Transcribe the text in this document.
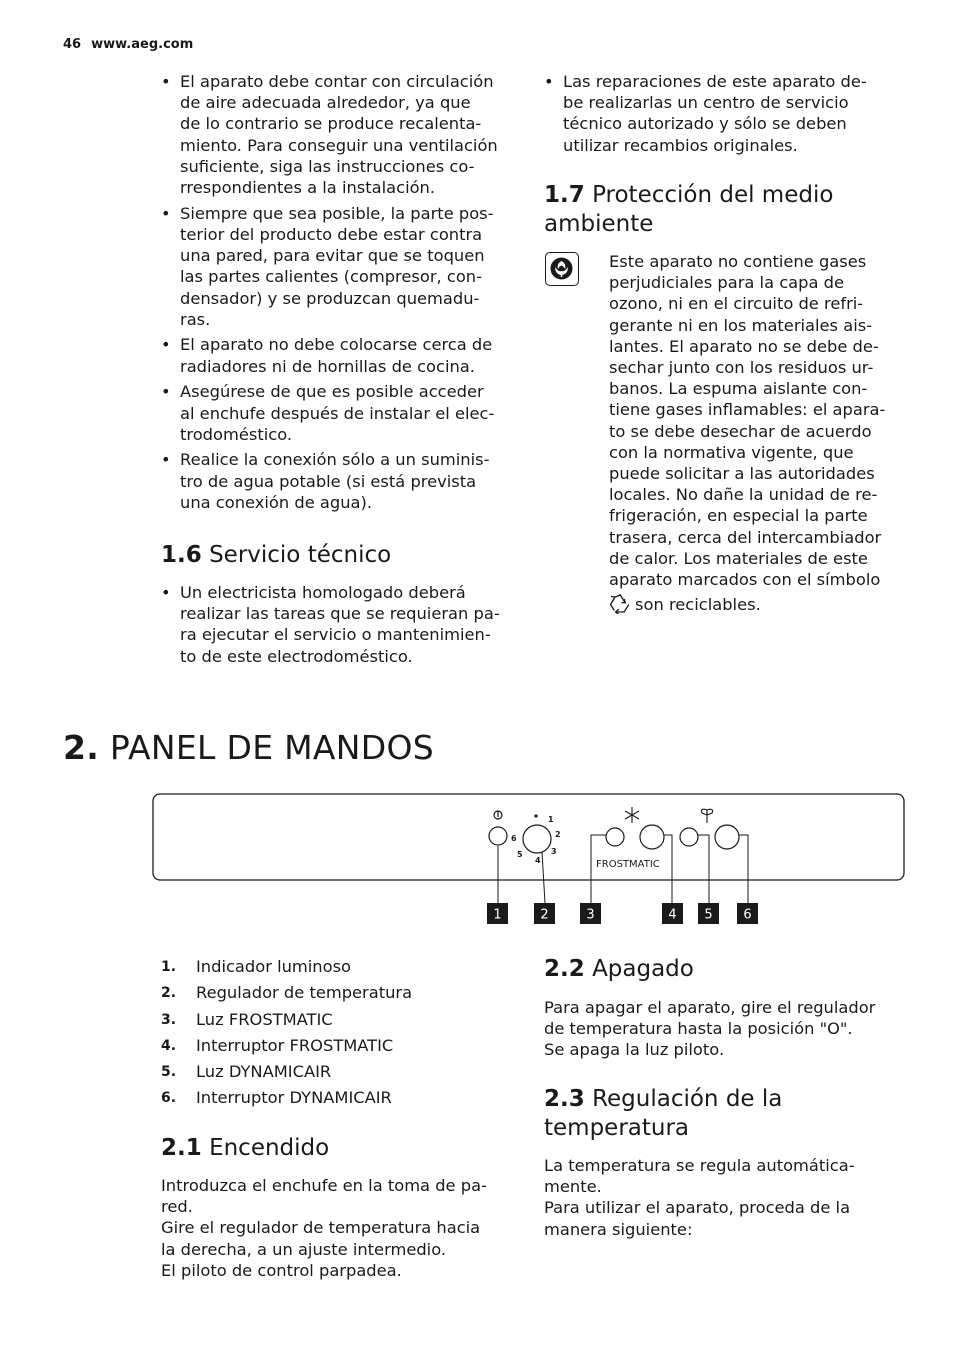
46 www.aeg.com
• El aparato debe contar con circulación
de aire adecuada alrededor, ya que
de lo contrario se produce recalenta-
miento. Para conseguir una ventilación
suficiente, siga las instrucciones co-
rrespondientes a la instalación.
• Siempre que sea posible, la parte pos-
terior del producto debe estar contra
una pared, para evitar que se toquen
las partes calientes (compresor, con-
densador) y se produzcan quemadu-
ras.
• El aparato no debe colocarse cerca de
radiadores ni de hornillas de cocina.
• Asegúrese de que es posible acceder
al enchufe después de instalar el elec-
trodoméstico.
• Realice la conexión sólo a un suminis-
tro de agua potable (si está prevista
una conexión de agua).
1.6 Servicio técnico
• Un electricista homologado deberá
realizar las tareas que se requieran pa-
ra ejecutar el servicio o mantenimien-
to de este electrodoméstico.
• Las reparaciones de este aparato de-
be realizarlas un centro de servicio
técnico autorizado y sólo se deben
utilizar recambios originales.
1.7 Protección del medio
ambiente

Este aparato no contiene gases
perjudiciales para la capa de
ozono, ni en el circuito de refri-
gerante ni en los materiales ais-
lantes. El aparato no se debe de-
sechar junto con los residuos ur-
banos. La espuma aislante con-
tiene gases inflamables: el apara-
to se debe desechar de acuerdo
con la normativa vigente, que
puede solicitar a las autoridades
locales. No dañe la unidad de re-
frigeración, en especial la parte
trasera, cerca del intercambiador
de calor. Los materiales de este
aparato marcados con el símbolo

son reciclables.

2. PANEL DE MANDOS
1
2
3
4
5
6
FROSTMATIC
1	2	3	4 5 6
1. Indicador luminoso
2. Regulador de temperatura
3. Luz FROSTMATIC
4. Interruptor FROSTMATIC
5. Luz DYNAMICAIR
6. Interruptor DYNAMICAIR
2.1 Encendido

Introduzca el enchufe en la toma de pa-
red.
Gire el regulador de temperatura hacia
la derecha, a un ajuste intermedio.
El piloto de control parpadea.

2.2 Apagado

Para apagar el aparato, gire el regulador
de temperatura hasta la posición "O".
Se apaga la luz piloto.

2.3 Regulación de la
temperatura

La temperatura se regula automática-
mente.
Para utilizar el aparato, proceda de la
manera siguiente:
